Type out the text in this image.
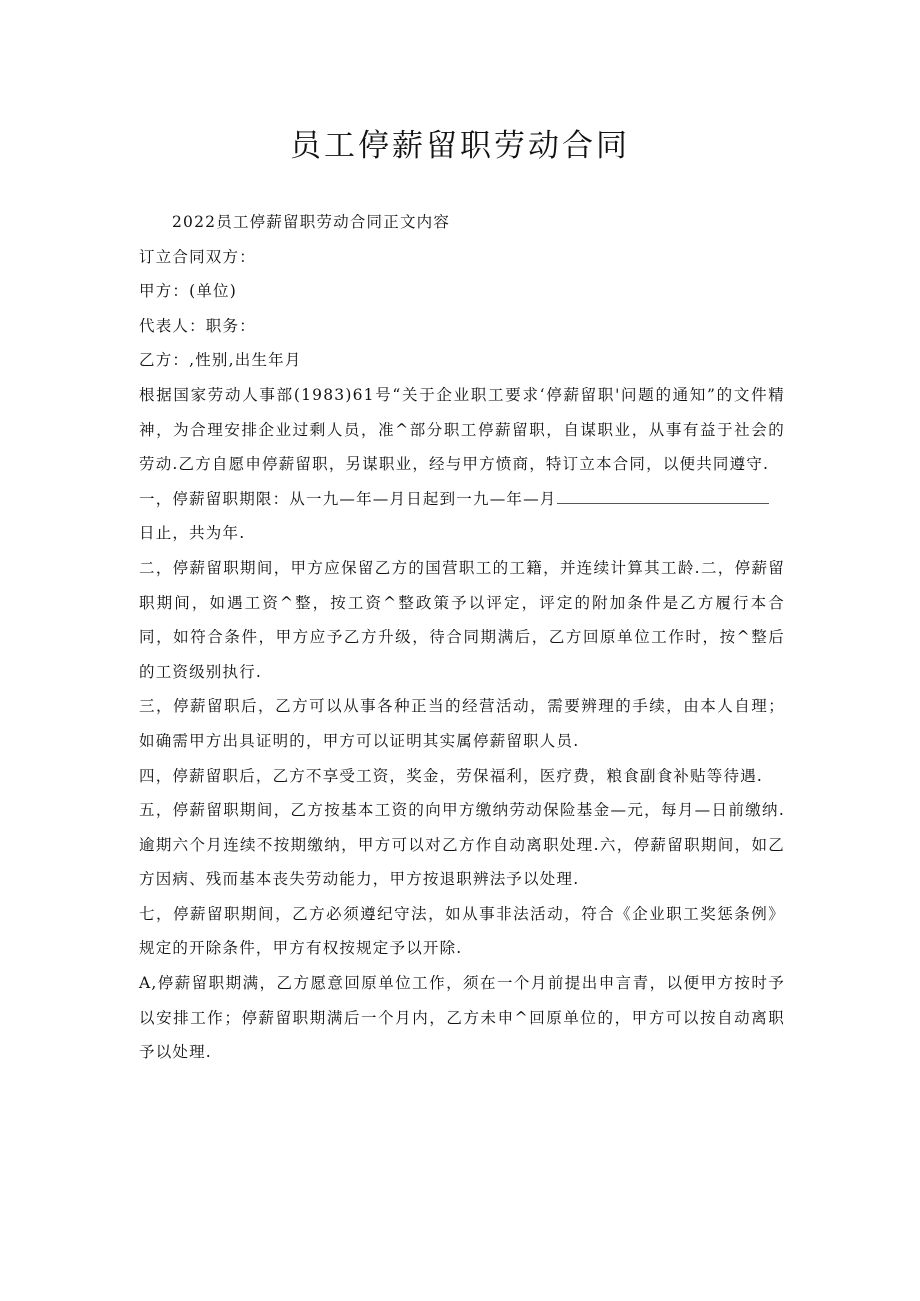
员工停薪留职劳动合同

2022员工停薪留职劳动合同正文内容

订立合同双方：

甲方：(单位)

代表人：职务：

乙方：,性别,出生年月

根据国家劳动人事部(1983)61号“关于企业职工要求‘停薪留职'问题的通知”的文件精神，为合理安排企业过剩人员，准^部分职工停薪留职，自谋职业，从事有益于社会的劳动.乙方自愿申停薪留职，另谋职业，经与甲方愤商，特订立本合同，以便共同遵守.

一，停薪留职期限：从一九—年—月日起到一九—年—月

日止，共为年.

二，停薪留职期间，甲方应保留乙方的国营职工的工籍，并连续计算其工龄.二，停薪留职期间，如遇工资^整，按工资^整政策予以评定，评定的附加条件是乙方履行本合同，如符合条件，甲方应予乙方升级，待合同期满后，乙方回原单位工作时，按^整后的工资级别执行.

三，停薪留职后，乙方可以从事各种正当的经营活动，需要辨理的手续，由本人自理；如确需甲方出具证明的，甲方可以证明其实属停薪留职人员.

四，停薪留职后，乙方不享受工资，奖金，劳保福利，医疗费，粮食副食补贴等待遇.

五，停薪留职期间，乙方按基本工资的向甲方缴纳劳动保险基金—元，每月—日前缴纳.逾期六个月连续不按期缴纳，甲方可以对乙方作自动离职处理.六，停薪留职期间，如乙方因病、残而基本丧失劳动能力，甲方按退职辨法予以处理.

七，停薪留职期间，乙方必须遵纪守法，如从事非法活动，符合《企业职工奖惩条例》规定的开除条件，甲方有权按规定予以开除.

A,停薪留职期满，乙方愿意回原单位工作，须在一个月前提出申言青，以便甲方按时予以安排工作；停薪留职期满后一个月内，乙方未申^回原单位的，甲方可以按自动离职予以处理.
